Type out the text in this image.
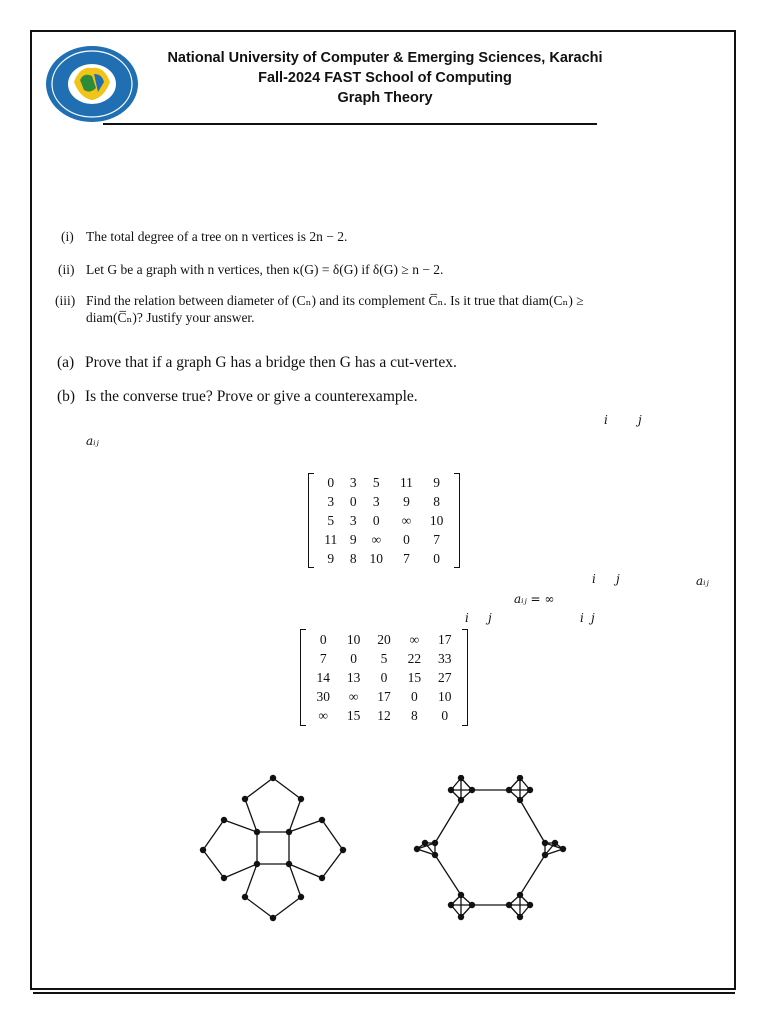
National University of Computer & Emerging Sciences, Karachi
Fall-2024 FAST School of Computing
Graph Theory
(i) The total degree of a tree on n vertices is 2n − 2.
(ii) Let G be a graph with n vertices, then κ(G) = δ(G) if δ(G) ≥ n − 2.
(iii) Find the relation between diameter of (Cₙ) and its complement C̅ₙ. Is it true that diam(Cₙ) ≥
diam(C̅ₙ)? Justify your answer.
(a) Prove that if a graph G has a bridge then G has a cut-vertex.
(b) Is the converse true? Prove or give a counterexample.
i	j
aᵢⱼ
0	3	5	11	9
3	0	3	9	8
5	3	0	∞	10
11	9	∞	0	7
9	8	10	7	0
i j	aᵢⱼ
aᵢⱼ = ∞
i j	i j
0	10	20	∞	17
7	0	5	22	33
14	13	0	15	27
30	∞	17	0	10
∞	15	12	8	0
